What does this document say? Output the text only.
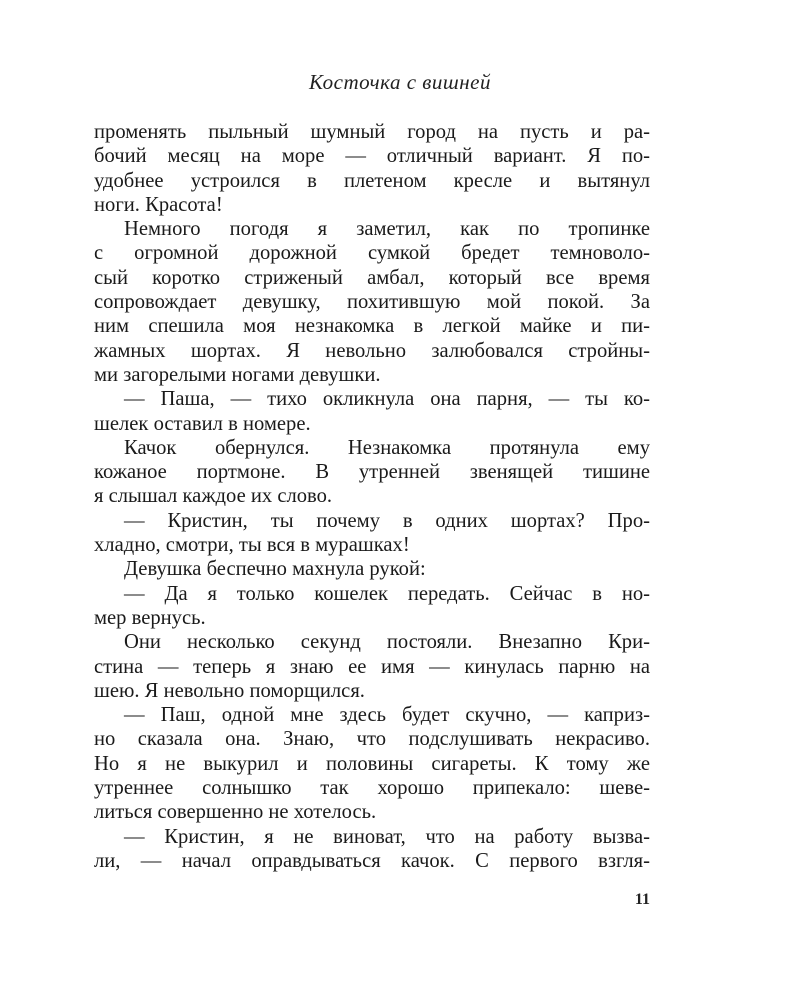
Косточка с вишней
променять пыльный шумный город на пусть и ра-
бочий месяц на море — отличный вариант. Я по-
удобнее устроился в плетеном кресле и вытянул
ноги. Красота!
Немного погодя я заметил, как по тропинке
с огромной дорожной сумкой бредет темноволо-
сый коротко стриженый амбал, который все время
сопровождает девушку, похитившую мой покой. За
ним спешила моя незнакомка в легкой майке и пи-
жамных шортах. Я невольно залюбовался стройны-
ми загорелыми ногами девушки.
— Паша, — тихо окликнула она парня, — ты ко-
шелек оставил в номере.
Качок обернулся. Незнакомка протянула ему
кожаное портмоне. В утренней звенящей тишине
я слышал каждое их слово.
— Кристин, ты почему в одних шортах? Про-
хладно, смотри, ты вся в мурашках!
Девушка беспечно махнула рукой:
— Да я только кошелек передать. Сейчас в но-
мер вернусь.
Они несколько секунд постояли. Внезапно Кри-
стина — теперь я знаю ее имя — кинулась парню на
шею. Я невольно поморщился.
— Паш, одной мне здесь будет скучно, — каприз-
но сказала она. Знаю, что подслушивать некрасиво.
Но я не выкурил и половины сигареты. К тому же
утреннее солнышко так хорошо припекало: шеве-
литься совершенно не хотелось.
— Кристин, я не виноват, что на работу вызва-
ли, — начал оправдываться качок. С первого взгля-
11
